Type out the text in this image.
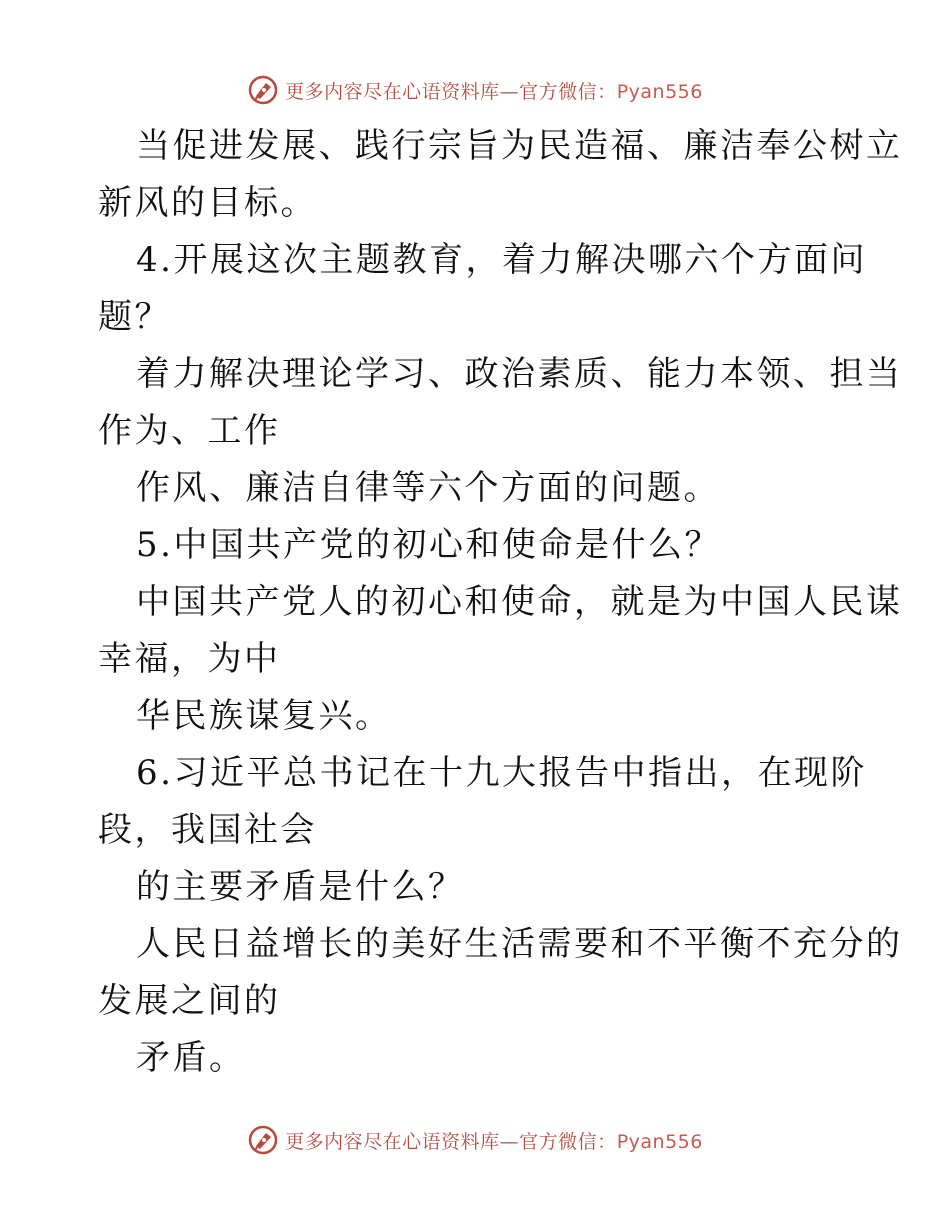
更多内容尽在心语资料库—官方微信：Pyan556
当促进发展、践行宗旨为民造福、廉洁奉公树立
新风的目标。
4.开展这次主题教育，着力解决哪六个方面问
题？
着力解决理论学习、政治素质、能力本领、担当
作为、工作
作风、廉洁自律等六个方面的问题。
5.中国共产党的初心和使命是什么？
中国共产党人的初心和使命，就是为中国人民谋
幸福，为中
华民族谋复兴。
6.习近平总书记在十九大报告中指出，在现阶
段，我国社会
的主要矛盾是什么？
人民日益增长的美好生活需要和不平衡不充分的
发展之间的
矛盾。
更多内容尽在心语资料库—官方微信：Pyan556
